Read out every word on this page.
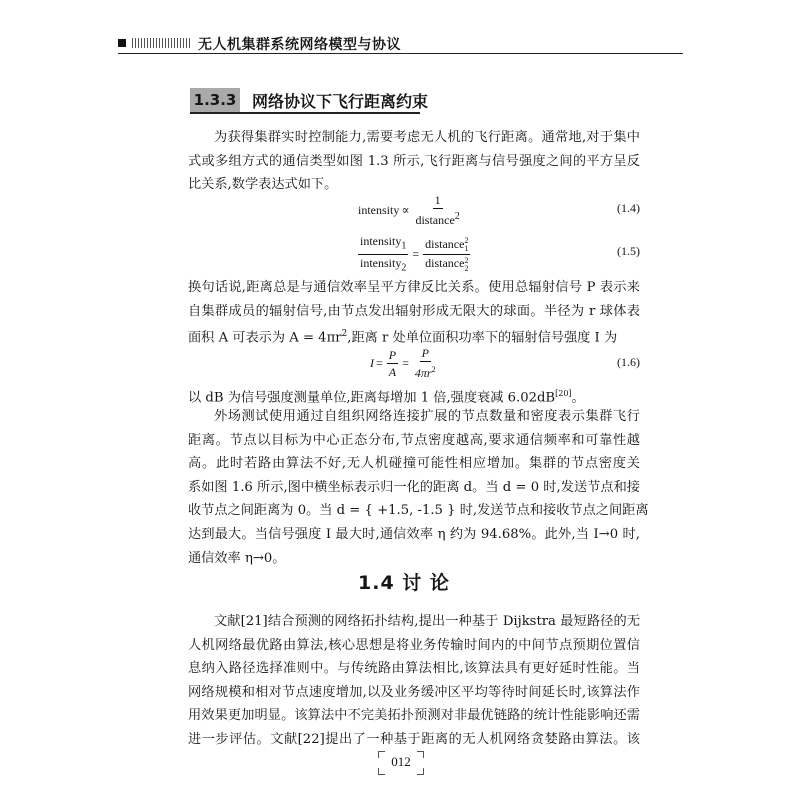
无人机集群系统网络模型与协议
1.3.3 网络协议下飞行距离约束

为获得集群实时控制能力,需要考虑无人机的飞行距离。通常地,对于集中

式或多组方式的通信类型如图 1.3 所示,飞行距离与信号强度之间的平方呈反

比关系,数学表达式如下。

intensity ∝ $\frac{1}{distance^2}$	(1.4)
$\frac{intensity_1}{intensity_2}$ = distance 2
1
distance 2
2	(1.5)

换句话说,距离总是与通信效率呈平方律反比关系。使用总辐射信号 P 表示来

自集群成员的辐射信号,由节点发出辐射形成无限大的球面。半径为 r 球体表

面积 A 可表示为 $A = 4\pi r^2$,距离 r 处单位面积功率下的辐射信号强度 I 为

$I = \frac{P}{A} = \frac{P}{4\pi r^2}$	(1.6)

以 dB 为信号强度测量单位,距离每增加 1 倍,强度衰减 6.02dB[20]。

外场测试使用通过自组织网络连接扩展的节点数量和密度表示集群飞行

距离。节点以目标为中心正态分布,节点密度越高,要求通信频率和可靠性越

高。此时若路由算法不好,无人机碰撞可能性相应增加。集群的节点密度关

系如图 1.6 所示,图中横坐标表示归一化的距离 d。当 d = 0 时,发送节点和接

收节点之间距离为 0。当 d = { +1.5, -1.5 } 时,发送节点和接收节点之间距离

达到最大。当信号强度 I 最大时,通信效率 η 约为 94.68%。此外,当 I→0 时,

通信效率 η→0。

1.4 讨 论

文献[21]结合预测的网络拓扑结构,提出一种基于 Dijkstra 最短路径的无

人机网络最优路由算法,核心思想是将业务传输时间内的中间节点预期位置信

息纳入路径选择准则中。与传统路由算法相比,该算法具有更好延时性能。当

网络规模和相对节点速度增加,以及业务缓冲区平均等待时间延长时,该算法作

用效果更加明显。该算法中不完美拓扑预测对非最优链路的统计性能影响还需

进一步评估。文献[22]提出了一种基于距离的无人机网络贪婪路由算法。该

012
